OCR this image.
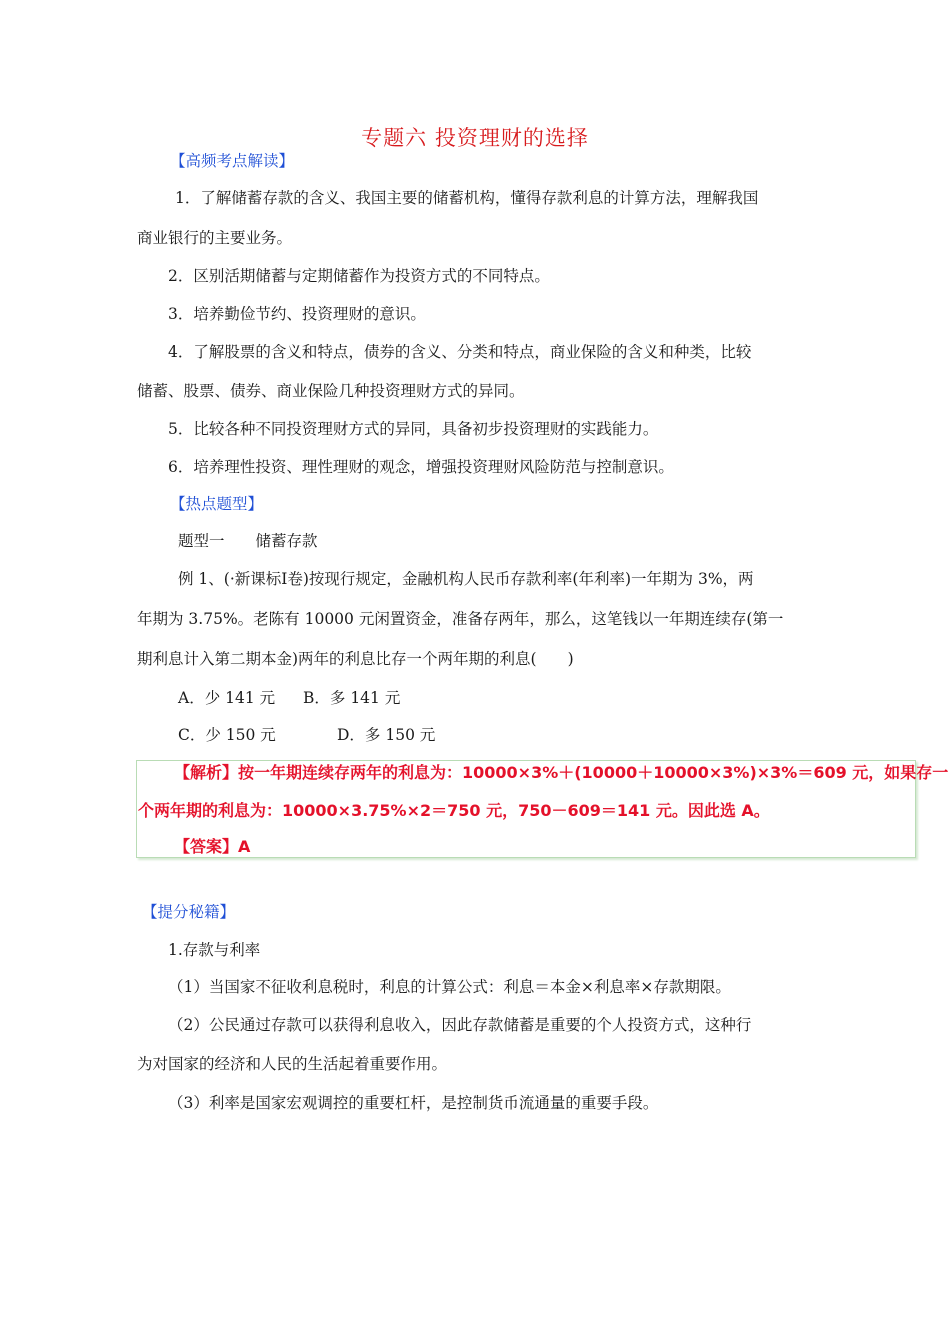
专题六 投资理财的选择
【高频考点解读】
1．了解储蓄存款的含义、我国主要的储蓄机构，懂得存款利息的计算方法，理解我国
商业银行的主要业务。
2．区别活期储蓄与定期储蓄作为投资方式的不同特点。
3．培养勤俭节约、投资理财的意识。
4．了解股票的含义和特点，债券的含义、分类和特点，商业保险的含义和种类，比较
储蓄、股票、债券、商业保险几种投资理财方式的异同。
5．比较各种不同投资理财方式的异同，具备初步投资理财的实践能力。
6．培养理性投资、理性理财的观念，增强投资理财风险防范与控制意识。
【热点题型】
题型一　　储蓄存款
例 1、(·新课标Ⅰ卷)按现行规定，金融机构人民币存款利率(年利率)一年期为 3%，两
年期为 3.75%。老陈有 10000 元闲置资金，准备存两年，那么，这笔钱以一年期连续存(第一
期利息计入第二期本金)两年的利息比存一个两年期的利息(　　)
A．少 141 元 B．多 141 元
C．少 150 元	D．多 150 元
【解析】按一年期连续存两年的利息为：10000×3%＋(10000＋10000×3%)×3%＝609 元，如果存一
个两年期的利息为：10000×3.75%×2＝750 元，750－609＝141 元。因此选 A。
【答案】A
【提分秘籍】
1.存款与利率
（1）当国家不征收利息税时，利息的计算公式：利息＝本金×利息率×存款期限。
（2）公民通过存款可以获得利息收入，因此存款储蓄是重要的个人投资方式，这种行
为对国家的经济和人民的生活起着重要作用。
（3）利率是国家宏观调控的重要杠杆，是控制货币流通量的重要手段。
